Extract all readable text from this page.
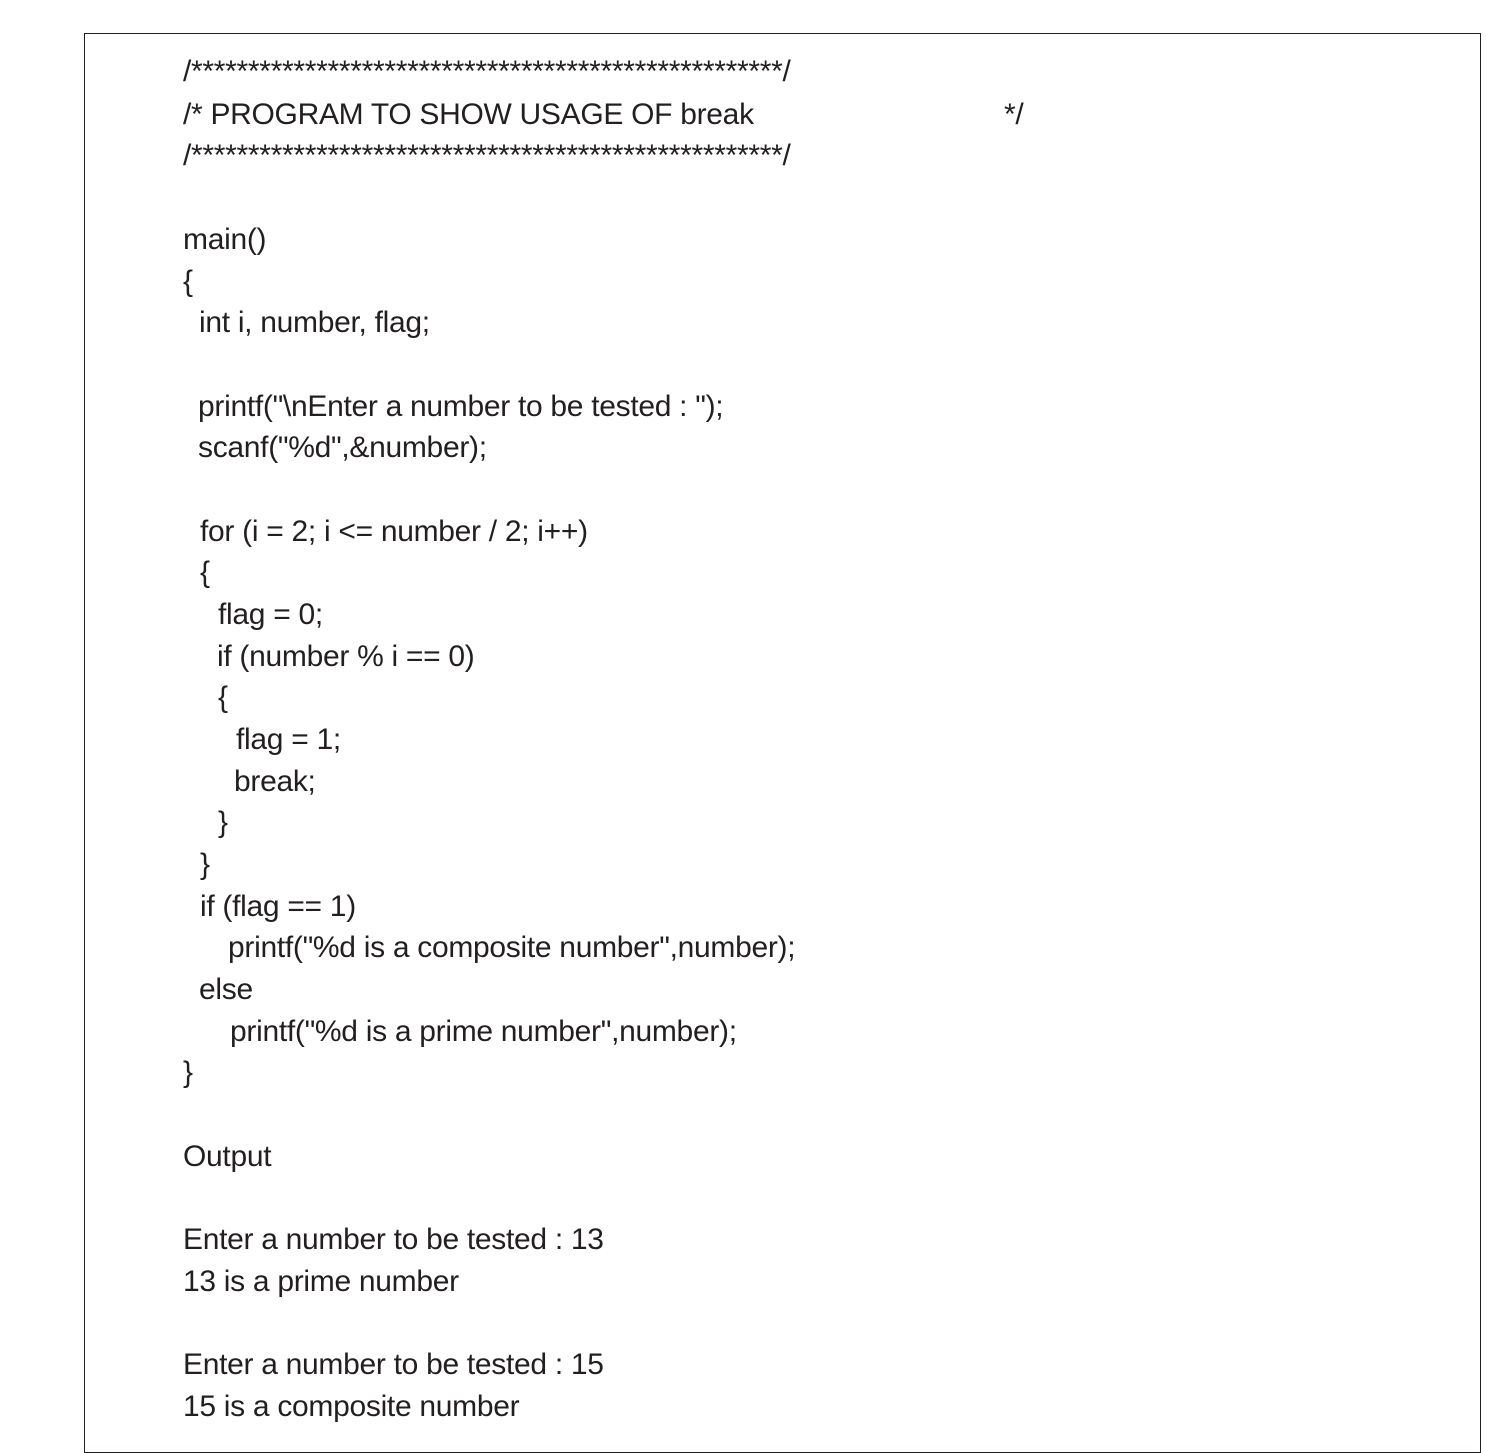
/****************************************************/
/* PROGRAM TO SHOW USAGE OF break	*/
/****************************************************/
main()
{
int i, number, flag;
printf("\nEnter a number to be tested : ");
scanf("%d",&number);
for (i = 2; i <= number / 2; i++)
{
flag = 0;
if (number % i == 0)
{
flag = 1;
break;
}
}
if (flag == 1)
printf("%d is a composite number",number);
else
printf("%d is a prime number",number);
}
Output
Enter a number to be tested : 13
13 is a prime number
Enter a number to be tested : 15
15 is a composite number
